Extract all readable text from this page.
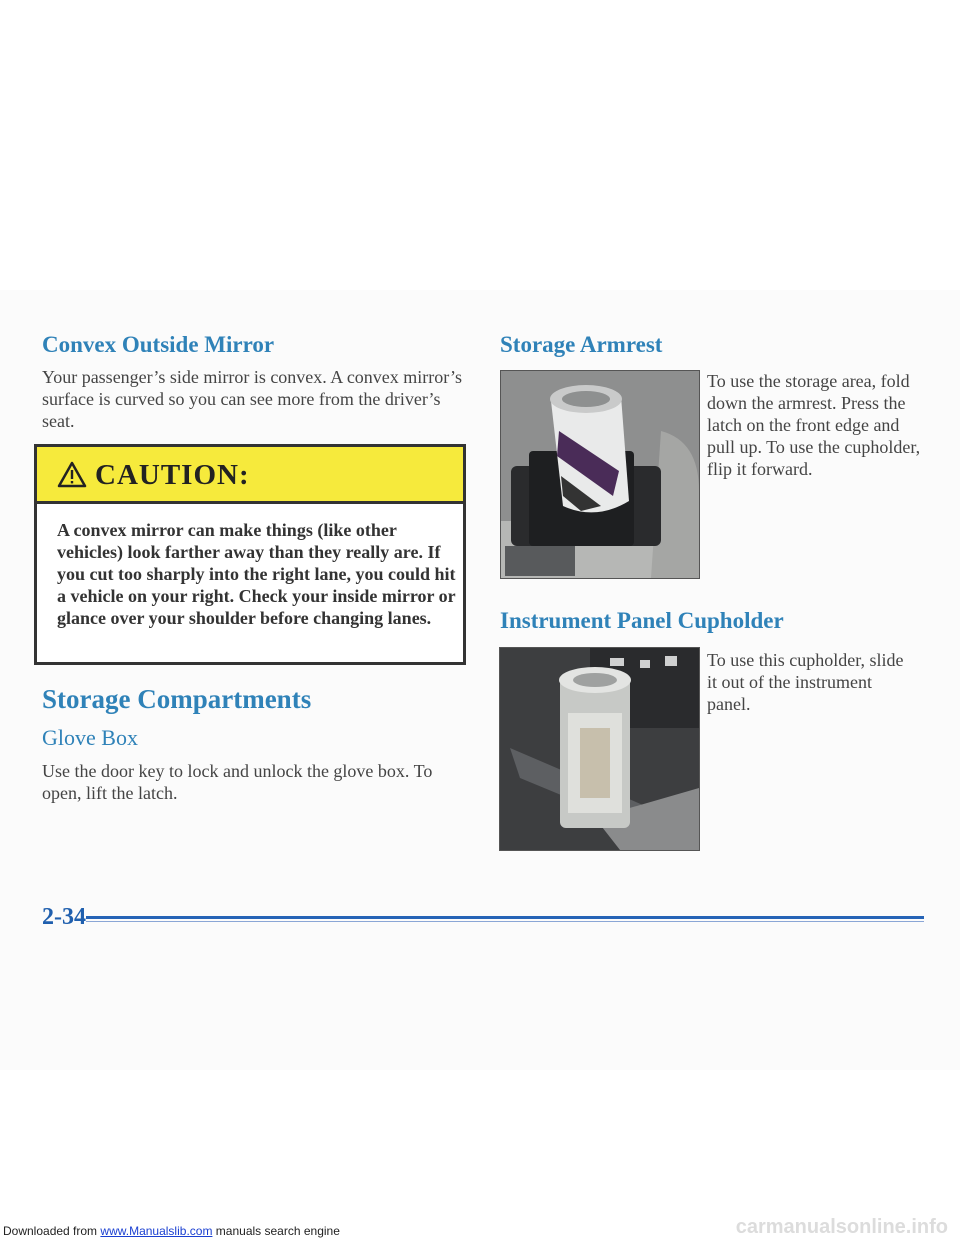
Convex Outside Mirror

Your passenger’s side mirror is convex. A convex mirror’s surface is curved so you can see more from the driver’s seat.

CAUTION:

A convex mirror can make things (like other vehicles) look farther away than they really are. If you cut too sharply into the right lane, you could hit a vehicle on your right. Check your inside mirror or glance over your shoulder before changing lanes.

Storage Compartments
Glove Box

Use the door key to lock and unlock the glove box. To open, lift the latch.

Storage Armrest

To use the storage area, fold down the armrest. Press the latch on the front edge and pull up. To use the cupholder, flip it forward.

Instrument Panel Cupholder

To use this cupholder, slide it out of the instrument panel.

2-34
Downloaded from www.Manualslib.com manuals search engine	carmanualsonline.info
